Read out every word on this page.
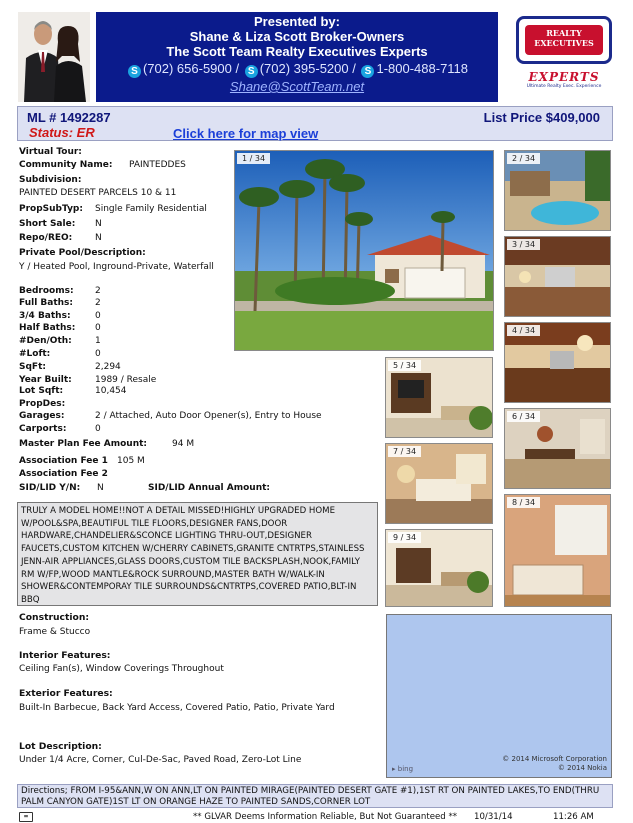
Presented by:
Shane & Liza Scott Broker-Owners
The Scott Team Realty Executives Experts
S (702) 656-5900 / S (702) 395-5200 / S 1-800-488-7118
Shane@ScottTeam.net
REALTY EXECUTIVES
EXPERTS
Ultimate Realty Exec. Experience
ML # 1492287
Status: ER	Click here for map view
List Price $409,000
Virtual Tour:
Community Name: PAINTEDDES
Subdivision:
PAINTED DESERT PARCELS 10 & 11
PropSubTyp: Single Family Residential
Short Sale: N
Repo/REO:	N
Private Pool/Description:
Y / Heated Pool, Inground-Private, Waterfall
Bedrooms: 2
Full Baths: 2
3/4 Baths:	0
Half Baths: 0
#Den/Oth:	1
#Loft:	0
SqFt:	2,294
Year Built:	1989 / Resale
Lot Sqft:	10,454
PropDes:
Garages:	2 / Attached, Auto Door Opener(s), Entry to House
Carports:	0
Master Plan Fee Amount:	94 M
Association Fee 1 105 M
Association Fee 2
SID/LID Y/N: N	SID/LID Annual Amount:
TRULY A MODEL HOME!!NOT A DETAIL MISSED!HIGHLY UPGRADED HOME W/POOL&SPA,BEAUTIFUL TILE FLOORS,DESIGNER FANS,DOOR HARDWARE,CHANDELIER&SCONCE LIGHTING THRU-OUT,DESIGNER FAUCETS,CUSTOM KITCHEN W/CHERRY CABINETS,GRANITE CNTRTPS,STAINLESS JENN-AIR APPLIANCES,GLASS DOORS,CUSTOM TILE BACKSPLASH,NOOK,FAMILY RM W/FP,WOOD MANTLE&ROCK SURROUND,MASTER BATH W/WALK-IN SHOWER&CONTEMPORAY TILE SURROUNDS&CNTRTPS,COVERED PATIO,BLT-IN BBQ
Construction:
Frame & Stucco
Interior Features:
Ceiling Fan(s), Window Coverings Throughout
Exterior Features:
Built-In Barbecue, Back Yard Access, Covered Patio, Patio, Private Yard
Lot Description:
Under 1/4 Acre, Corner, Cul-De-Sac, Paved Road, Zero-Lot Line
1 / 34	2 / 34
3 / 34
4 / 34
6 / 34
8 / 34
5 / 34
7 / 34
9 / 34
© 2014 Microsoft Corporation
© 2014 Nokia
▸ bing
Directions; FROM I-95&ANN,W ON ANN,LT ON PAINTED MIRAGE(PAINTED DESERT GATE #1),1ST RT ON PAINTED LAKES,TO END(THRU PALM CANYON GATE)1ST LT ON ORANGE HAZE TO PAINTED SANDS,CORNER LOT
=	** GLVAR Deems Information Reliable, But Not Guaranteed ** 10/31/14	11:26 AM
